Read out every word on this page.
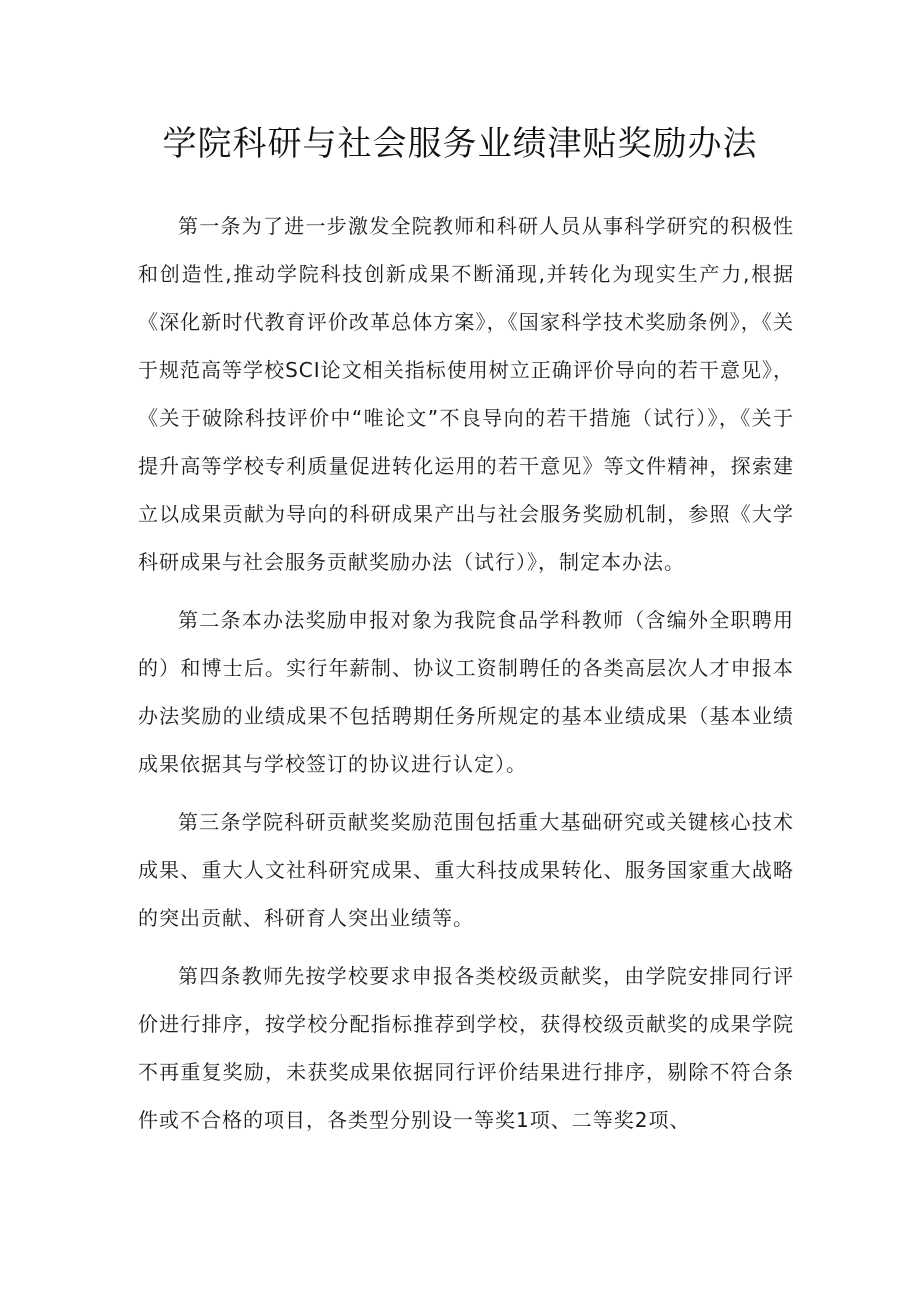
学院科研与社会服务业绩津贴奖励办法

第一条为了进一步激发全院教师和科研人员从事科学研究的积极性和创造性,推动学院科技创新成果不断涌现,并转化为现实生产力,根据《深化新时代教育评价改革总体方案》，《国家科学技术奖励条例》，《关于规范高等学校SCI论文相关指标使用树立正确评价导向的若干意见》，《关于破除科技评价中“唯论文”不良导向的若干措施（试行）》，《关于提升高等学校专利质量促进转化运用的若干意见》等文件精神，探索建立以成果贡献为导向的科研成果产出与社会服务奖励机制，参照《大学科研成果与社会服务贡献奖励办法（试行）》，制定本办法。

第二条本办法奖励申报对象为我院食品学科教师（含编外全职聘用的）和博士后。实行年薪制、协议工资制聘任的各类高层次人才申报本办法奖励的业绩成果不包括聘期任务所规定的基本业绩成果（基本业绩成果依据其与学校签订的协议进行认定）。

第三条学院科研贡献奖奖励范围包括重大基础研究或关键核心技术成果、重大人文社科研究成果、重大科技成果转化、服务国家重大战略的突出贡献、科研育人突出业绩等。

第四条教师先按学校要求申报各类校级贡献奖，由学院安排同行评价进行排序，按学校分配指标推荐到学校，获得校级贡献奖的成果学院不再重复奖励，未获奖成果依据同行评价结果进行排序，剔除不符合条件或不合格的项目，各类型分别设一等奖1项、二等奖2项、
